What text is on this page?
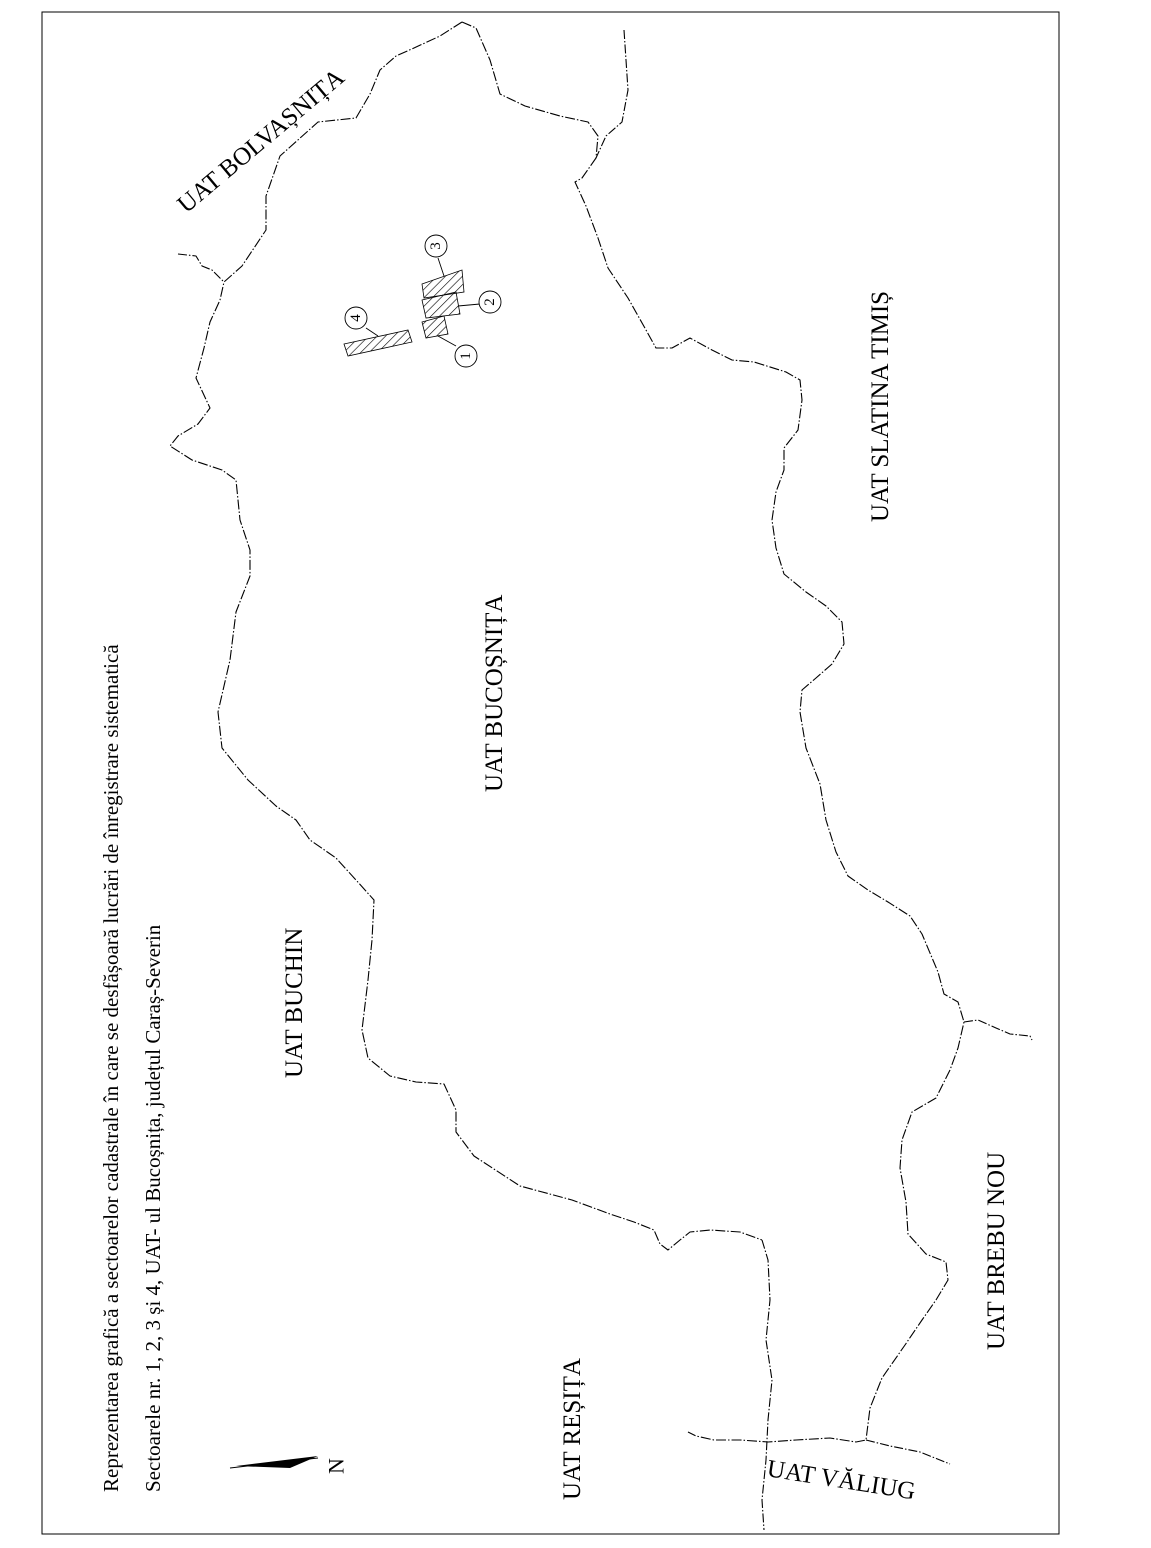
4
1
2
3
N
Reprezentarea grafică a sectoarelor cadastrale în care se desfășoară lucrări de înregistrare sistematică Sectoarele nr. 1, 2, 3 și 4, UAT- ul Bucoșnița, județul Caraș-Severin
UAT BOLVAȘNIȚA
UAT SLATINA TIMIȘ
UAT BUCOȘNIȚA
UAT BUCHIN
UAT REȘIȚA
UAT BREBU NOU
UAT VĂLIUG
